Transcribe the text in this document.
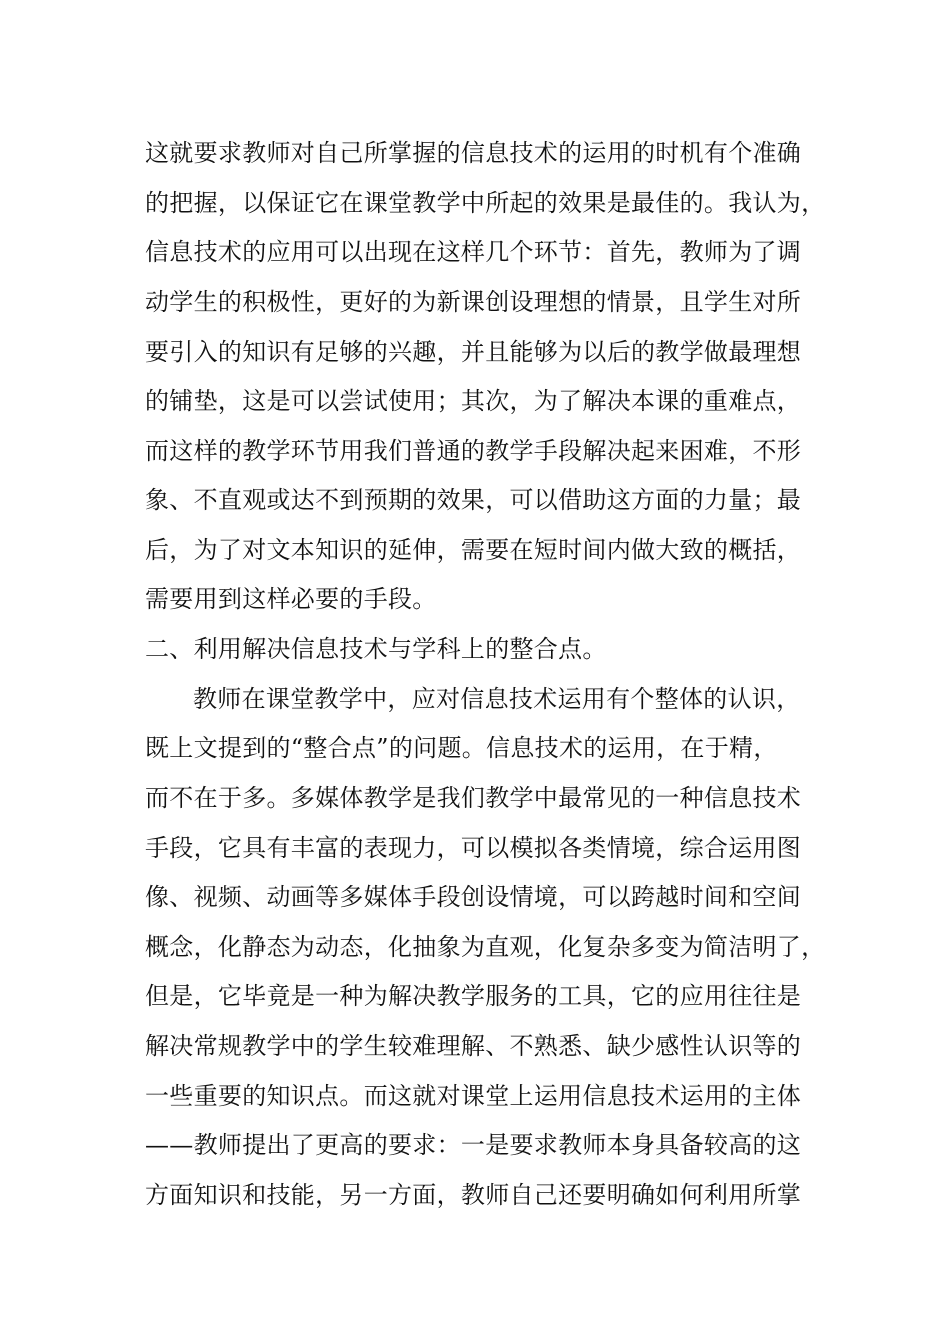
这就要求教师对自己所掌握的信息技术的运用的时机有个准确
的把握，以保证它在课堂教学中所起的效果是最佳的。我认为，
信息技术的应用可以出现在这样几个环节：首先，教师为了调
动学生的积极性，更好的为新课创设理想的情景，且学生对所
要引入的知识有足够的兴趣，并且能够为以后的教学做最理想
的铺垫，这是可以尝试使用；其次，为了解决本课的重难点，
而这样的教学环节用我们普通的教学手段解决起来困难，不形
象、不直观或达不到预期的效果，可以借助这方面的力量；最
后，为了对文本知识的延伸，需要在短时间内做大致的概括，
需要用到这样必要的手段。
二、利用解决信息技术与学科上的整合点。
教师在课堂教学中，应对信息技术运用有个整体的认识，
既上文提到的“整合点”的问题。信息技术的运用，在于精，
而不在于多。多媒体教学是我们教学中最常见的一种信息技术
手段，它具有丰富的表现力，可以模拟各类情境，综合运用图
像、视频、动画等多媒体手段创设情境，可以跨越时间和空间
概念，化静态为动态，化抽象为直观，化复杂多变为简洁明了，
但是，它毕竟是一种为解决教学服务的工具，它的应用往往是
解决常规教学中的学生较难理解、不熟悉、缺少感性认识等的
一些重要的知识点。而这就对课堂上运用信息技术运用的主体
——教师提出了更高的要求：一是要求教师本身具备较高的这
方面知识和技能，另一方面，教师自己还要明确如何利用所掌
